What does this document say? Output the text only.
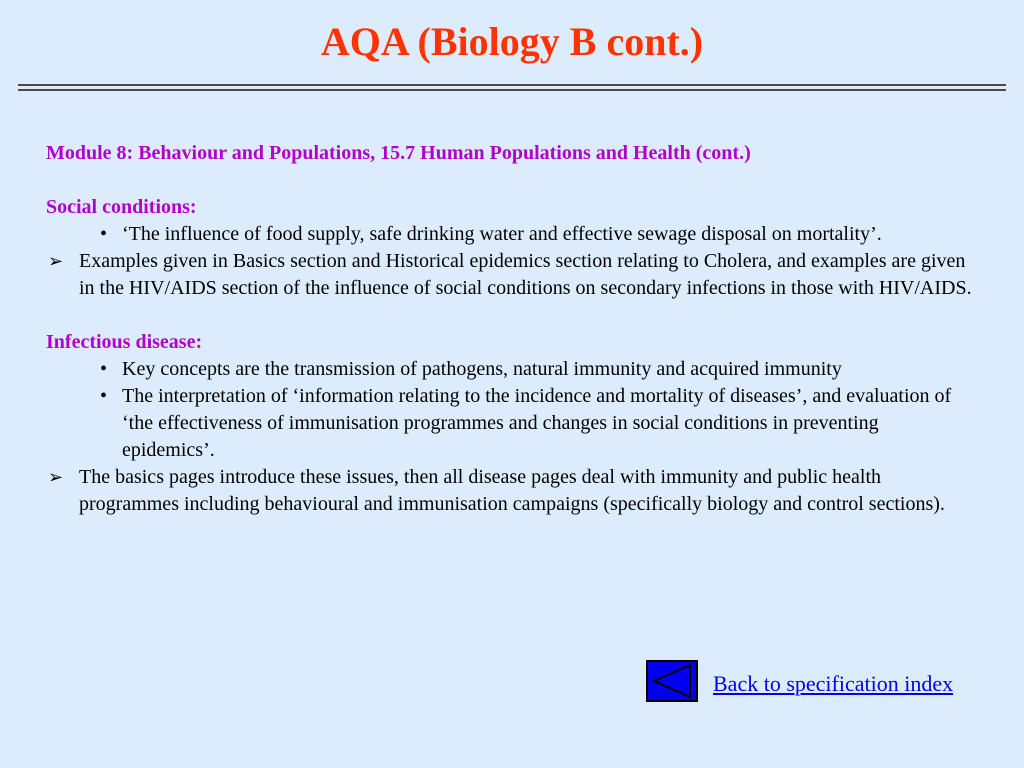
AQA (Biology B cont.)
Module 8: Behaviour and Populations, 15.7 Human Populations and Health (cont.)
Social conditions:
• ‘The influence of food supply, safe drinking water and effective sewage disposal on mortality’.
➢ Examples given in Basics section and Historical epidemics section relating to Cholera, and examples are given in the HIV/AIDS section of the influence of social conditions on secondary infections in those with HIV/AIDS.
Infectious disease:
• Key concepts are the transmission of pathogens, natural immunity and acquired immunity
• The interpretation of ‘information relating to the incidence and mortality of diseases’, and evaluation of ‘the effectiveness of immunisation programmes and changes in social conditions in preventing epidemics’.
➢ The basics pages introduce these issues, then all disease pages deal with immunity and public health programmes including behavioural and immunisation campaigns (specifically biology and control sections).
Back to specification index
